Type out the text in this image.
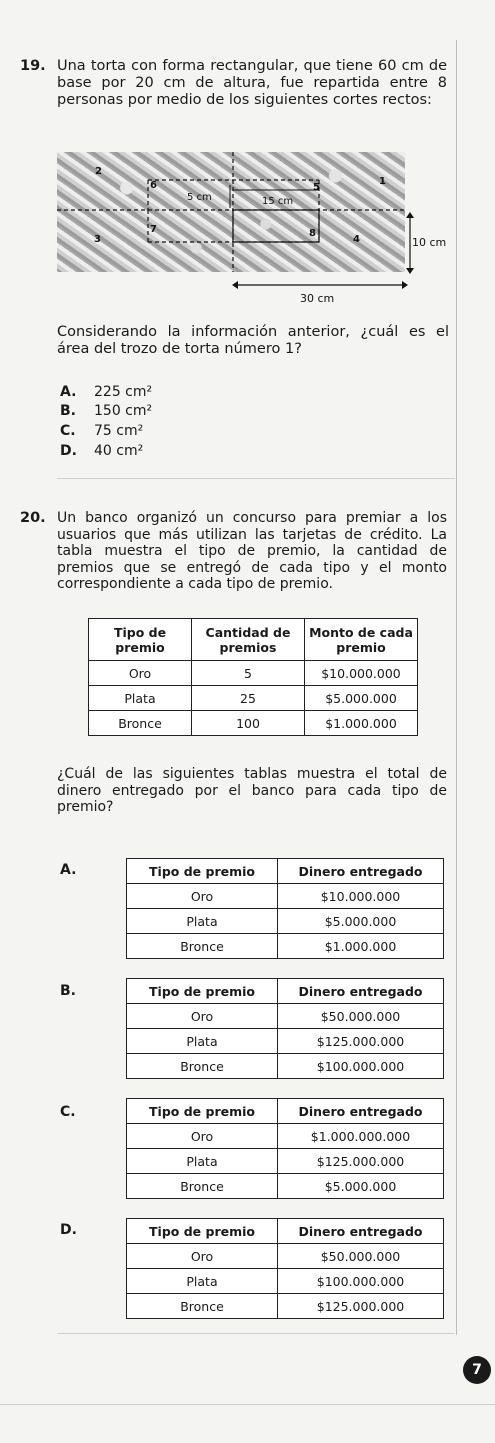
19. Una torta con forma rectangular, que tiene 60 cm de base por 20 cm de altura, fue repartida entre 8 personas por medio de los siguientes cortes rectos:
2
1
3	4
5
6
7	8
5 cm	15 cm
10 cm
30 cm
Considerando la información anterior, ¿cuál es el área del trozo de torta número 1?
A. 225 cm²
B. 150 cm²
C. 75 cm²
D. 40 cm²
20. Un banco organizó un concurso para premiar a los usuarios que más utilizan las tarjetas de crédito. La tabla muestra el tipo de premio, la cantidad de premios que se entregó de cada tipo y el monto correspondiente a cada tipo de premio.
Tipo de premio	Cantidad de premios	Monto de cada premio
Oro	5	$10.000.000
Plata	25	$5.000.000
Bronce	100	$1.000.000
¿Cuál de las siguientes tablas muestra el total de dinero entregado por el banco para cada tipo de premio?
A.	Tipo de premio	Dinero entregado
Oro	$10.000.000
Plata	$5.000.000
Bronce	$1.000.000
B.	Tipo de premio	Dinero entregado
Oro	$50.000.000
Plata	$125.000.000
Bronce	$100.000.000
C.	Tipo de premio	Dinero entregado
Oro	$1.000.000.000
Plata	$125.000.000
Bronce	$5.000.000
D.	Tipo de premio	Dinero entregado
Oro	$50.000.000
Plata	$100.000.000
Bronce	$125.000.000
7
